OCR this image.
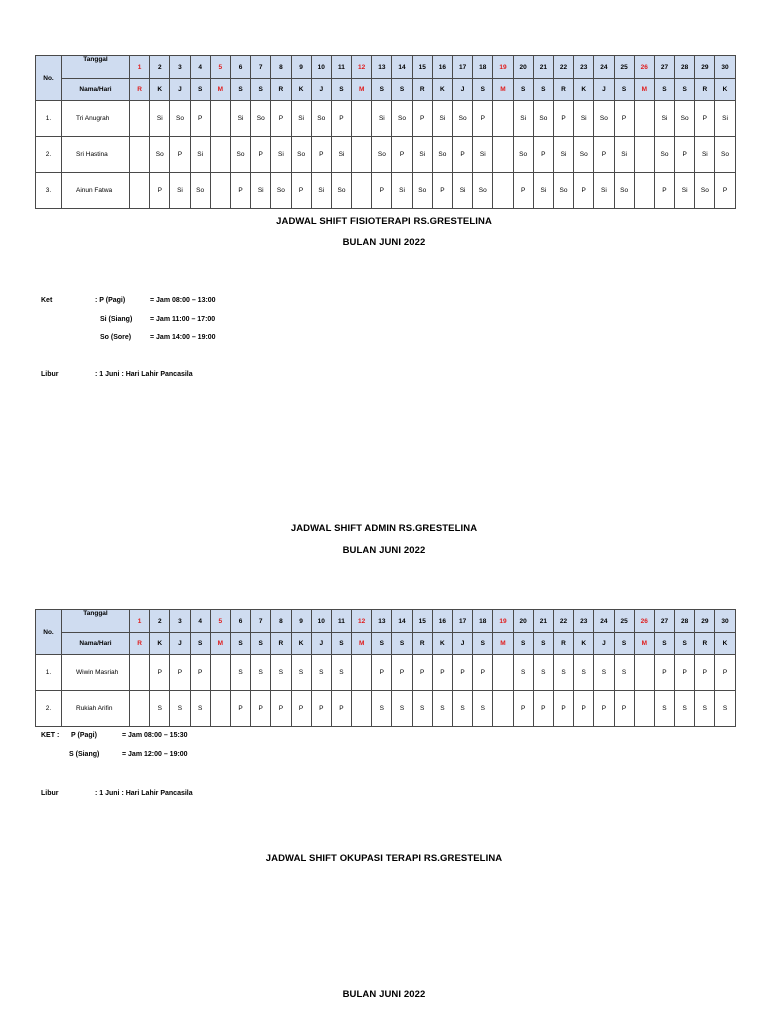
No.	Tanggal	1	2	3	4	5	6	7	8	9	10	11	12	13	14	15	16	17	18	19	20	21	22	23	24	25	26	27	28	29	30
	Nama/Hari	R	K	J	S	M	S	S	R	K	J	S	M	S	S	R	K	J	S	M	S	S	R	K	J	S	M	S	S	R	K
1.	Tri Anugrah		Si	So	P		Si	So	P	Si	So	P		Si	So	P	Si	So	P		Si	So	P	Si	So	P		Si	So	P	Si
2.	Sri Hastina		So	P	Si		So	P	Si	So	P	Si		So	P	Si	So	P	Si		So	P	Si	So	P	Si		So	P	Si	So
3.	Ainun Fatwa		P	Si	So		P	Si	So	P	Si	So		P	Si	So	P	Si	So		P	Si	So	P	Si	So		P	Si	So	P
JADWAL SHIFT FISIOTERAPI RS.GRESTELINA
BULAN JUNI 2022
Ket	: P (Pagi)	= Jam 08:00 – 13:00
Si (Siang)	= Jam 11:00 – 17:00
So (Sore)	= Jam 14:00 – 19:00
Libur	: 1 Juni : Hari Lahir Pancasila
JADWAL SHIFT ADMIN RS.GRESTELINA
BULAN JUNI 2022
No.	Tanggal	1	2	3	4	5	6	7	8	9	10	11	12	13	14	15	16	17	18	19	20	21	22	23	24	25	26	27	28	29	30
	Nama/Hari	R	K	J	S	M	S	S	R	K	J	S	M	S	S	R	K	J	S	M	S	S	R	K	J	S	M	S	S	R	K
1.	Wiwin Masriah		P	P	P		S	S	S	S	S	S		P	P	P	P	P	P		S	S	S	S	S	S		P	P	P	P
2.	Rukiah Arifin		S	S	S		P	P	P	P	P	P		S	S	S	S	S	S		P	P	P	P	P	P		S	S	S	S
KET : P (Pagi)	= Jam 08:00 – 15:30
S (Siang)	= Jam 12:00 – 19:00
Libur	: 1 Juni : Hari Lahir Pancasila
JADWAL SHIFT OKUPASI TERAPI RS.GRESTELINA
BULAN JUNI 2022
